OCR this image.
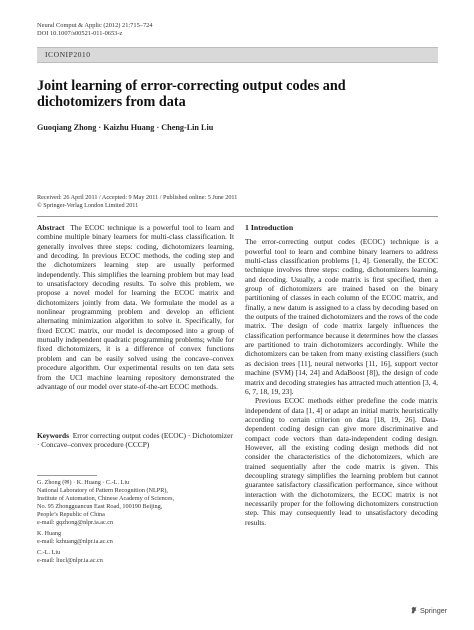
Neural Comput & Applic (2012) 21:715–724
DOI 10.1007/s00521-011-0653-z
ICONIP2010
Joint learning of error-correcting output codes and dichotomizers from data
Guoqiang Zhong · Kaizhu Huang · Cheng-Lin Liu
Received: 26 April 2011 / Accepted: 9 May 2011 / Published online: 5 June 2011
© Springer-Verlag London Limited 2011

Abstract The ECOC technique is a powerful tool to learn and combine multiple binary learners for multi-class classification. It generally involves three steps: coding, dichotomizers learning, and decoding. In previous ECOC methods, the coding step and the dichotomizers learning step are usually performed independently. This simplifies the learning problem but may lead to unsatisfactory decoding results. To solve this problem, we propose a novel model for learning the ECOC matrix and dichotomizers jointly from data. We formulate the model as a nonlinear programming problem and develop an efficient alternating minimization algorithm to solve it. Specifically, for fixed ECOC matrix, our model is decomposed into a group of mutually independent quadratic programming problems; while for fixed dichotomizers, it is a difference of convex functions problem and can be easily solved using the concave–convex procedure algorithm. Our experimental results on ten data sets from the UCI machine learning repository demonstrated the advantage of our model over state-of-the-art ECOC methods.

Keywords Error correcting output codes (ECOC) · Dichotomizer · Concave–convex procedure (CCCP)
G. Zhong (✉) · K. Huang · C.-L. Liu
National Laboratory of Pattern Recognition (NLPR),
Institute of Automation, Chinese Academy of Sciences,
No. 95 Zhongguancun East Road, 100190 Beijing,
People’s Republic of China
e-mail: gqzhong@nlpr.ia.ac.cn
K. Huang
e-mail: kzhuang@nlpr.ia.ac.cn
C.-L. Liu
e-mail: liucl@nlpr.ia.ac.cn
1 Introduction

The error-correcting output codes (ECOC) technique is a powerful tool to learn and combine binary learners to address multi-class classification problems [1, 4]. Generally, the ECOC technique involves three steps: coding, dichotomizers learning, and decoding. Usually, a code matrix is first specified, then a group of dichotomizers are trained based on the binary partitioning of classes in each column of the ECOC matrix, and finally, a new datum is assigned to a class by decoding based on the outputs of the trained dichotomizers and the rows of the code matrix. The design of code matrix largely influences the classification performance because it determines how the classes are partitioned to train dichotomizers accordingly. While the dichotomizers can be taken from many existing classifiers (such as decision trees [11], neural networks [11, 16], support vector machine (SVM) [14, 24] and AdaBoost [8]), the design of code matrix and decoding strategies has attracted much attention [3, 4, 6, 7, 18, 19, 23].

Previous ECOC methods either predefine the code matrix independent of data [1, 4] or adapt an initial matrix heuristically according to certain criterion on data [18, 19, 26]. Data-dependent coding design can give more discriminative and compact code vectors than data-independent coding design. However, all the existing coding design methods did not consider the characteristics of the dichotomizers, which are trained sequentially after the code matrix is given. This decoupling strategy simplifies the learning problem but cannot guarantee satisfactory classification performance, since without interaction with the dichotomizers, the ECOC matrix is not necessarily proper for the following dichotomizers construction step. This may consequently lead to unsatisfactory decoding results.

Springer
